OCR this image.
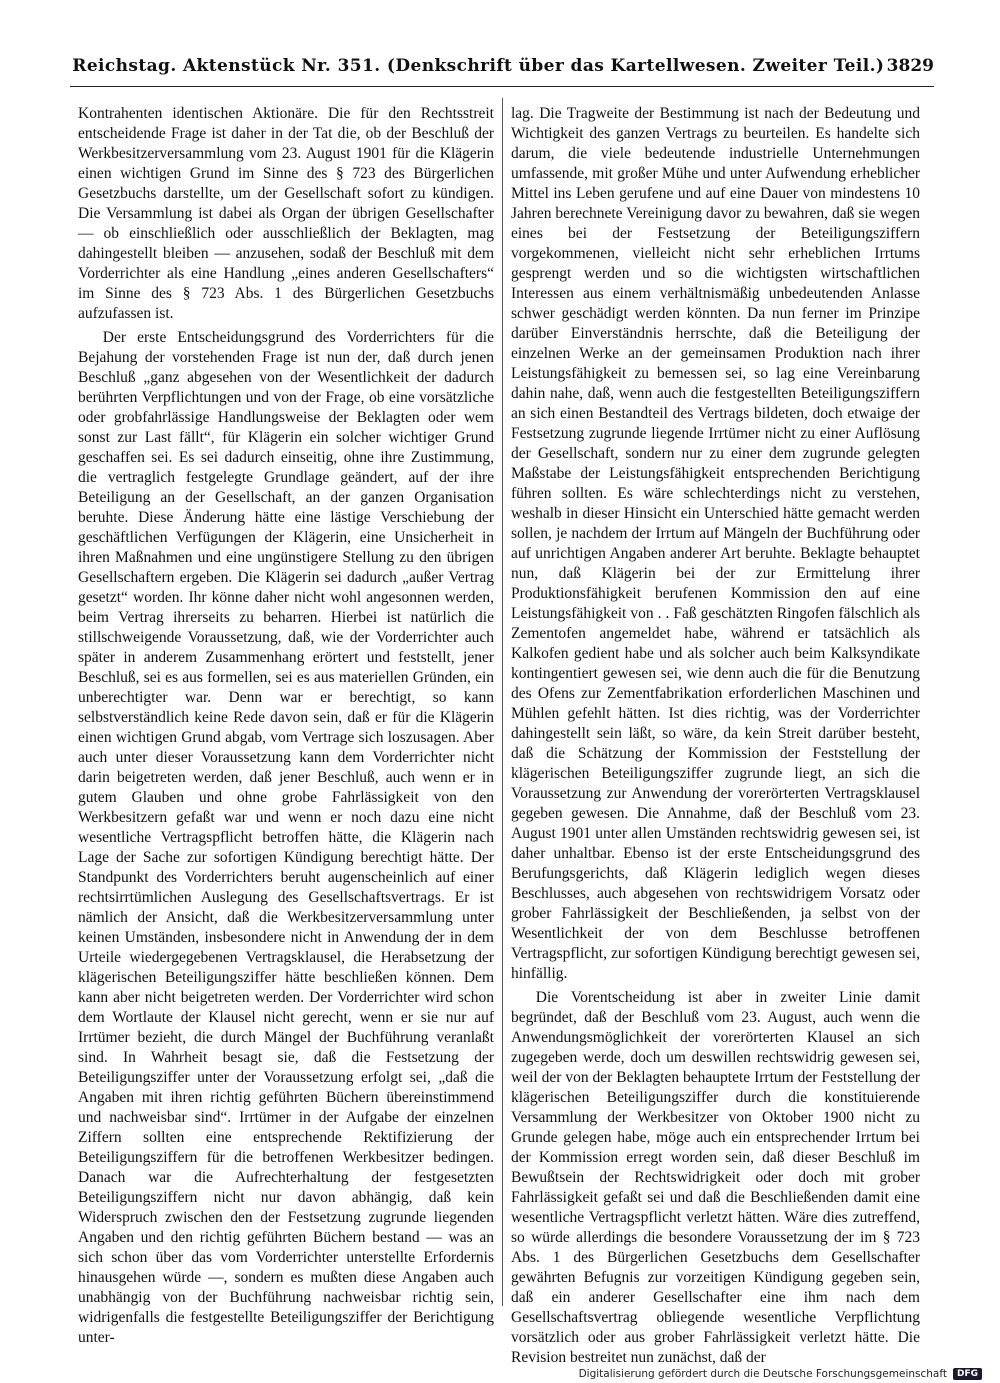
Reichstag. Aktenstück Nr. 351. (Denkschrift über das Kartellwesen. Zweiter Teil.) 3829

Kontrahenten identischen Aktionäre. Die für den Rechtsstreit entscheidende Frage ist daher in der Tat die, ob der Beschluß der Werkbesitzerversammlung vom 23. August 1901 für die Klägerin einen wichtigen Grund im Sinne des § 723 des Bürgerlichen Gesetzbuchs darstellte, um der Gesellschaft sofort zu kündigen. Die Versammlung ist dabei als Organ der übrigen Gesellschafter — ob einschließlich oder ausschließlich der Beklagten, mag dahingestellt bleiben — anzusehen, sodaß der Beschluß mit dem Vorderrichter als eine Handlung „eines anderen Gesellschafters“ im Sinne des § 723 Abs. 1 des Bürgerlichen Gesetzbuchs aufzufassen ist.

Der erste Entscheidungsgrund des Vorderrichters für die Bejahung der vorstehenden Frage ist nun der, daß durch jenen Beschluß „ganz abgesehen von der Wesentlichkeit der dadurch berührten Verpflichtungen und von der Frage, ob eine vorsätzliche oder grobfahrlässige Handlungsweise der Beklagten oder wem sonst zur Last fällt“, für Klägerin ein solcher wichtiger Grund geschaffen sei. Es sei dadurch einseitig, ohne ihre Zustimmung, die vertraglich festgelegte Grundlage geändert, auf der ihre Beteiligung an der Gesellschaft, an der ganzen Organisation beruhte. Diese Änderung hätte eine lästige Verschiebung der geschäftlichen Verfügungen der Klägerin, eine Unsicherheit in ihren Maßnahmen und eine ungünstigere Stellung zu den übrigen Gesellschaftern ergeben. Die Klägerin sei dadurch „außer Vertrag gesetzt“ worden. Ihr könne daher nicht wohl angesonnen werden, beim Vertrag ihrerseits zu beharren. Hierbei ist natürlich die stillschweigende Voraussetzung, daß, wie der Vorderrichter auch später in anderem Zusammenhang erörtert und feststellt, jener Beschluß, sei es aus formellen, sei es aus materiellen Gründen, ein unberechtigter war. Denn war er berechtigt, so kann selbstverständlich keine Rede davon sein, daß er für die Klägerin einen wichtigen Grund abgab, vom Vertrage sich loszusagen. Aber auch unter dieser Voraussetzung kann dem Vorderrichter nicht darin beigetreten werden, daß jener Beschluß, auch wenn er in gutem Glauben und ohne grobe Fahrlässigkeit von den Werkbesitzern gefaßt war und wenn er noch dazu eine nicht wesentliche Vertragspflicht betroffen hätte, die Klägerin nach Lage der Sache zur sofortigen Kündigung berechtigt hätte. Der Standpunkt des Vorderrichters beruht augenscheinlich auf einer rechtsirrtümlichen Auslegung des Gesellschaftsvertrags. Er ist nämlich der Ansicht, daß die Werkbesitzerversammlung unter keinen Umständen, insbesondere nicht in Anwendung der in dem Urteile wiedergegebenen Vertragsklausel, die Herabsetzung der klägerischen Beteiligungsziffer hätte beschließen können. Dem kann aber nicht beigetreten werden. Der Vorderrichter wird schon dem Wortlaute der Klausel nicht gerecht, wenn er sie nur auf Irrtümer bezieht, die durch Mängel der Buchführung veranlaßt sind. In Wahrheit besagt sie, daß die Festsetzung der Beteiligungsziffer unter der Voraussetzung erfolgt sei, „daß die Angaben mit ihren richtig geführten Büchern übereinstimmend und nachweisbar sind“. Irrtümer in der Aufgabe der einzelnen Ziffern sollten eine entsprechende Rektifizierung der Beteiligungsziffern für die betroffenen Werkbesitzer bedingen. Danach war die Aufrechterhaltung der festgesetzten Beteiligungsziffern nicht nur davon abhängig, daß kein Widerspruch zwischen den der Festsetzung zugrunde liegenden Angaben und den richtig geführten Büchern bestand — was an sich schon über das vom Vorderrichter unterstellte Erfordernis hinausgehen würde —, sondern es mußten diese Angaben auch unabhängig von der Buchführung nachweisbar richtig sein, widrigenfalls die festgestellte Beteiligungsziffer der Berichtigung unter-

lag. Die Tragweite der Bestimmung ist nach der Bedeutung und Wichtigkeit des ganzen Vertrags zu beurteilen. Es handelte sich darum, die viele bedeutende industrielle Unternehmungen umfassende, mit großer Mühe und unter Aufwendung erheblicher Mittel ins Leben gerufene und auf eine Dauer von mindestens 10 Jahren berechnete Vereinigung davor zu bewahren, daß sie wegen eines bei der Festsetzung der Beteiligungsziffern vorgekommenen, vielleicht nicht sehr erheblichen Irrtums gesprengt werden und so die wichtigsten wirtschaftlichen Interessen aus einem verhältnismäßig unbedeutenden Anlasse schwer geschädigt werden könnten. Da nun ferner im Prinzipe darüber Einverständnis herrschte, daß die Beteiligung der einzelnen Werke an der gemeinsamen Produktion nach ihrer Leistungsfähigkeit zu bemessen sei, so lag eine Vereinbarung dahin nahe, daß, wenn auch die festgestellten Beteiligungsziffern an sich einen Bestandteil des Vertrags bildeten, doch etwaige der Festsetzung zugrunde liegende Irrtümer nicht zu einer Auflösung der Gesellschaft, sondern nur zu einer dem zugrunde gelegten Maßstabe der Leistungsfähigkeit entsprechenden Berichtigung führen sollten. Es wäre schlechterdings nicht zu verstehen, weshalb in dieser Hinsicht ein Unterschied hätte gemacht werden sollen, je nachdem der Irrtum auf Mängeln der Buchführung oder auf unrichtigen Angaben anderer Art beruhte. Beklagte behauptet nun, daß Klägerin bei der zur Ermittelung ihrer Produktionsfähigkeit berufenen Kommission den auf eine Leistungsfähigkeit von . . Faß geschätzten Ringofen fälschlich als Zementofen angemeldet habe, während er tatsächlich als Kalkofen gedient habe und als solcher auch beim Kalksyndikate kontingentiert gewesen sei, wie denn auch die für die Benutzung des Ofens zur Zementfabrikation erforderlichen Maschinen und Mühlen gefehlt hätten. Ist dies richtig, was der Vorderrichter dahingestellt sein läßt, so wäre, da kein Streit darüber besteht, daß die Schätzung der Kommission der Feststellung der klägerischen Beteiligungsziffer zugrunde liegt, an sich die Voraussetzung zur Anwendung der vorerörterten Vertragsklausel gegeben gewesen. Die Annahme, daß der Beschluß vom 23. August 1901 unter allen Umständen rechtswidrig gewesen sei, ist daher unhaltbar. Ebenso ist der erste Entscheidungsgrund des Berufungsgerichts, daß Klägerin lediglich wegen dieses Beschlusses, auch abgesehen von rechtswidrigem Vorsatz oder grober Fahrlässigkeit der Beschließenden, ja selbst von der Wesentlichkeit der von dem Beschlusse betroffenen Vertragspflicht, zur sofortigen Kündigung berechtigt gewesen sei, hinfällig.

Die Vorentscheidung ist aber in zweiter Linie damit begründet, daß der Beschluß vom 23. August, auch wenn die Anwendungsmöglichkeit der vorerörterten Klausel an sich zugegeben werde, doch um deswillen rechtswidrig gewesen sei, weil der von der Beklagten behauptete Irrtum der Feststellung der klägerischen Beteiligungsziffer durch die konstituierende Versammlung der Werkbesitzer von Oktober 1900 nicht zu Grunde gelegen habe, möge auch ein entsprechender Irrtum bei der Kommission erregt worden sein, daß dieser Beschluß im Bewußtsein der Rechtswidrigkeit oder doch mit grober Fahrlässigkeit gefaßt sei und daß die Beschließenden damit eine wesentliche Vertragspflicht verletzt hätten. Wäre dies zutreffend, so würde allerdings die besondere Voraussetzung der im § 723 Abs. 1 des Bürgerlichen Gesetzbuchs dem Gesellschafter gewährten Befugnis zur vorzeitigen Kündigung gegeben sein, daß ein anderer Gesellschafter eine ihm nach dem Gesellschaftsvertrag obliegende wesentliche Verpflichtung vorsätzlich oder aus grober Fahrlässigkeit verletzt hätte. Die Revision bestreitet nun zunächst, daß der

Digitalisierung gefördert durch die Deutsche Forschungsgemeinschaft	DFG
